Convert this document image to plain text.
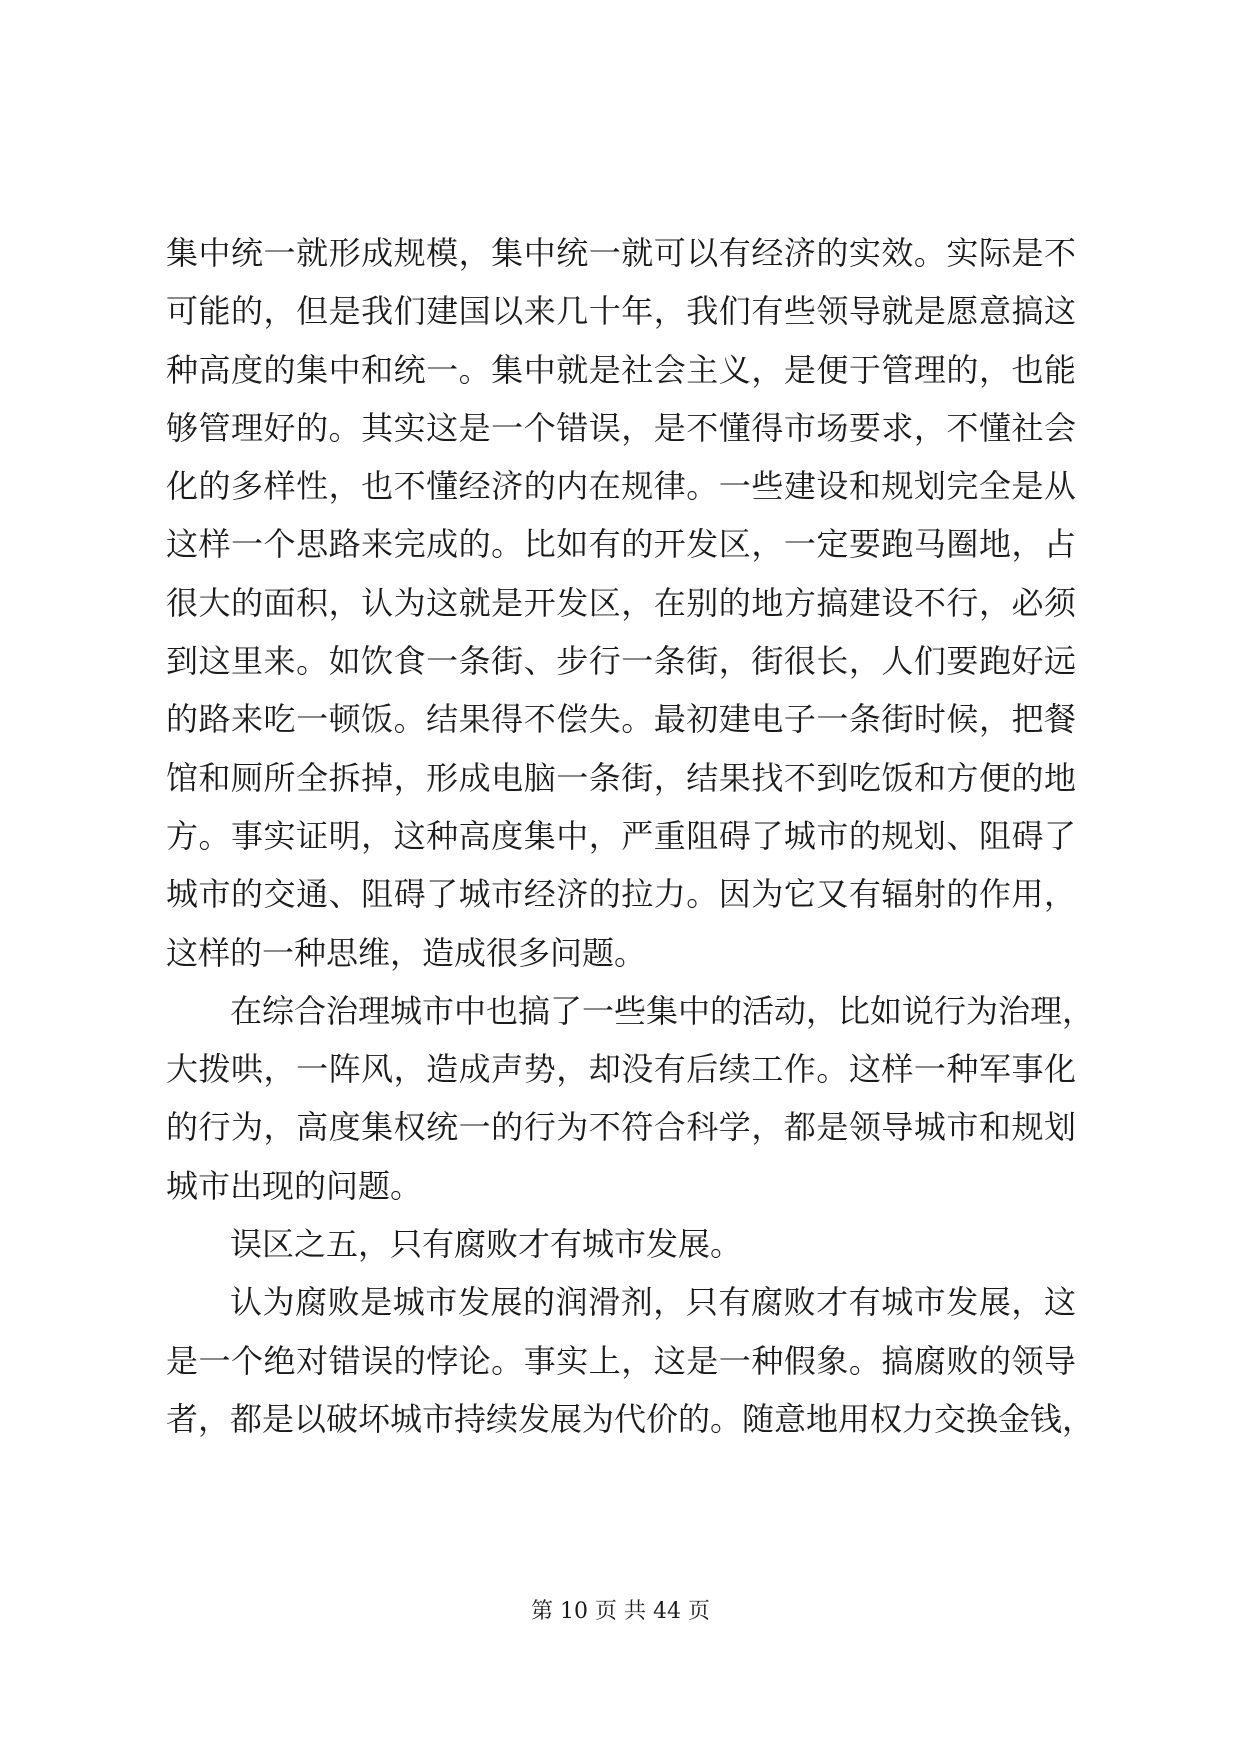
集中统一就形成规模，集中统一就可以有经济的实效。实际是不
可能的，但是我们建国以来几十年，我们有些领导就是愿意搞这
种高度的集中和统一。集中就是社会主义，是便于管理的，也能
够管理好的。其实这是一个错误，是不懂得市场要求，不懂社会
化的多样性，也不懂经济的内在规律。一些建设和规划完全是从
这样一个思路来完成的。比如有的开发区，一定要跑马圈地，占
很大的面积，认为这就是开发区，在别的地方搞建设不行，必须
到这里来。如饮食一条街、步行一条街，街很长，人们要跑好远
的路来吃一顿饭。结果得不偿失。最初建电子一条街时候，把餐
馆和厕所全拆掉，形成电脑一条街，结果找不到吃饭和方便的地
方。事实证明，这种高度集中，严重阻碍了城市的规划、阻碍了
城市的交通、阻碍了城市经济的拉力。因为它又有辐射的作用，
这样的一种思维，造成很多问题。
在综合治理城市中也搞了一些集中的活动，比如说行为治理，
大拨哄，一阵风，造成声势，却没有后续工作。这样一种军事化
的行为，高度集权统一的行为不符合科学，都是领导城市和规划
城市出现的问题。
误区之五，只有腐败才有城市发展。
认为腐败是城市发展的润滑剂，只有腐败才有城市发展，这
是一个绝对错误的悖论。事实上，这是一种假象。搞腐败的领导
者，都是以破坏城市持续发展为代价的。随意地用权力交换金钱，
第 10 页 共 44 页
